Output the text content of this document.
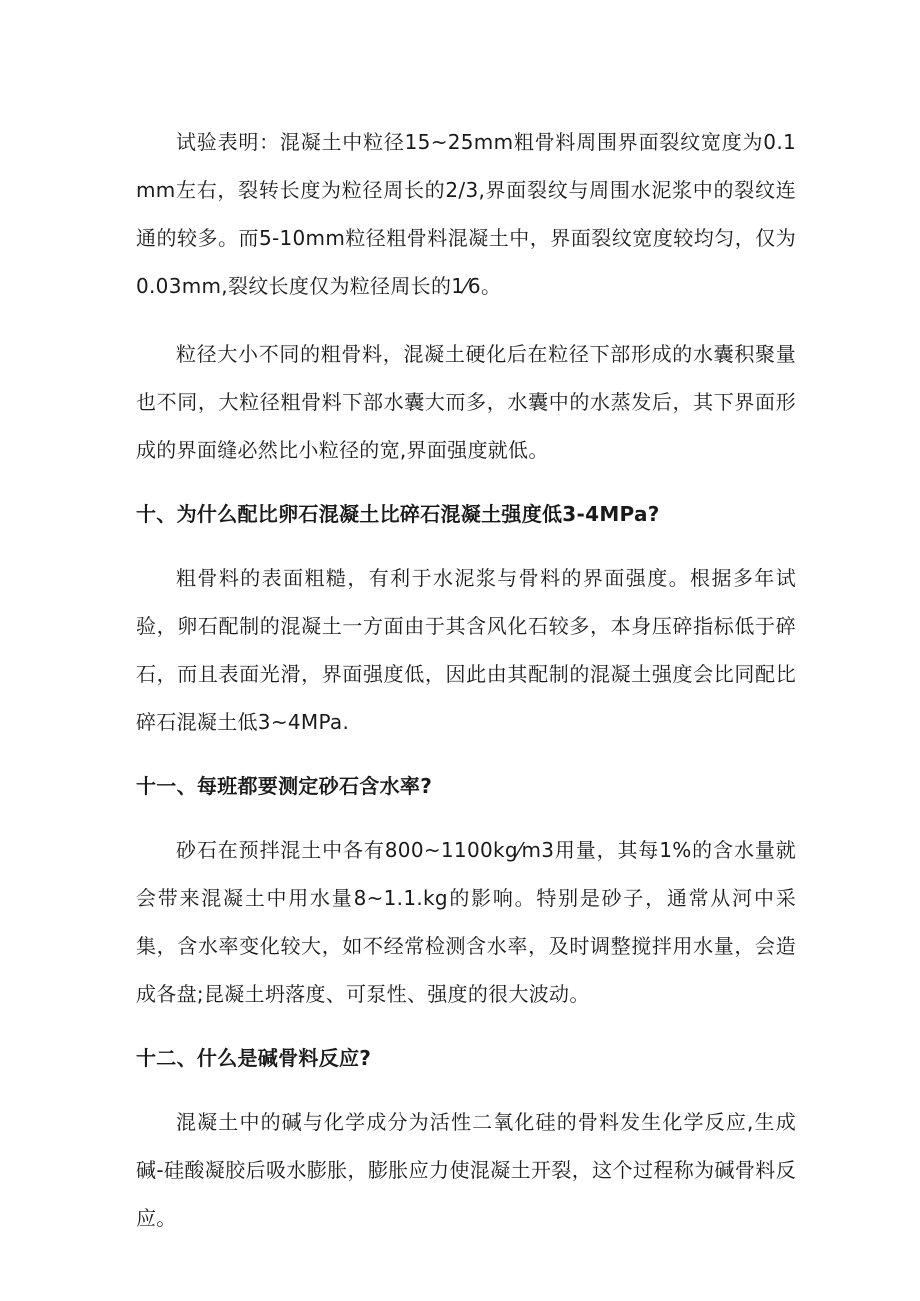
试验表明：混凝土中粒径15~25mm粗骨料周围界面裂纹宽度为0.1mm左右，裂转长度为粒径周长的2/3,界面裂纹与周围水泥浆中的裂纹连通的较多。而5-10mm粒径粗骨料混凝土中，界面裂纹宽度较均匀，仅为0.03mm,裂纹长度仅为粒径周长的1⁄6。

粒径大小不同的粗骨料，混凝土硬化后在粒径下部形成的水囊积聚量也不同，大粒径粗骨料下部水囊大而多，水囊中的水蒸发后，其下界面形成的界面缝必然比小粒径的宽,界面强度就低。

十、为什么配比卵石混凝土比碎石混凝土强度低3-4MPa?

粗骨料的表面粗糙，有利于水泥浆与骨料的界面强度。根据多年试验，卵石配制的混凝土一方面由于其含风化石较多，本身压碎指标低于碎石，而且表面光滑，界面强度低，因此由其配制的混凝土强度会比同配比碎石混凝土低3~4MPa.

十一、每班都要测定砂石含水率?

砂石在预拌混土中各有800~1100kg⁄m3用量，其每1%的含水量就会带来混凝土中用水量8~1.1.kg的影响。特别是砂子，通常从河中采集，含水率变化较大，如不经常检测含水率，及时调整搅拌用水量，会造成各盘;昆凝土坍落度、可泵性、强度的很大波动。

十二、什么是碱骨料反应?

混凝土中的碱与化学成分为活性二氧化硅的骨料发生化学反应,生成碱-硅酸凝胶后吸水膨胀，膨胀应力使混凝土开裂，这个过程称为碱骨料反应。
